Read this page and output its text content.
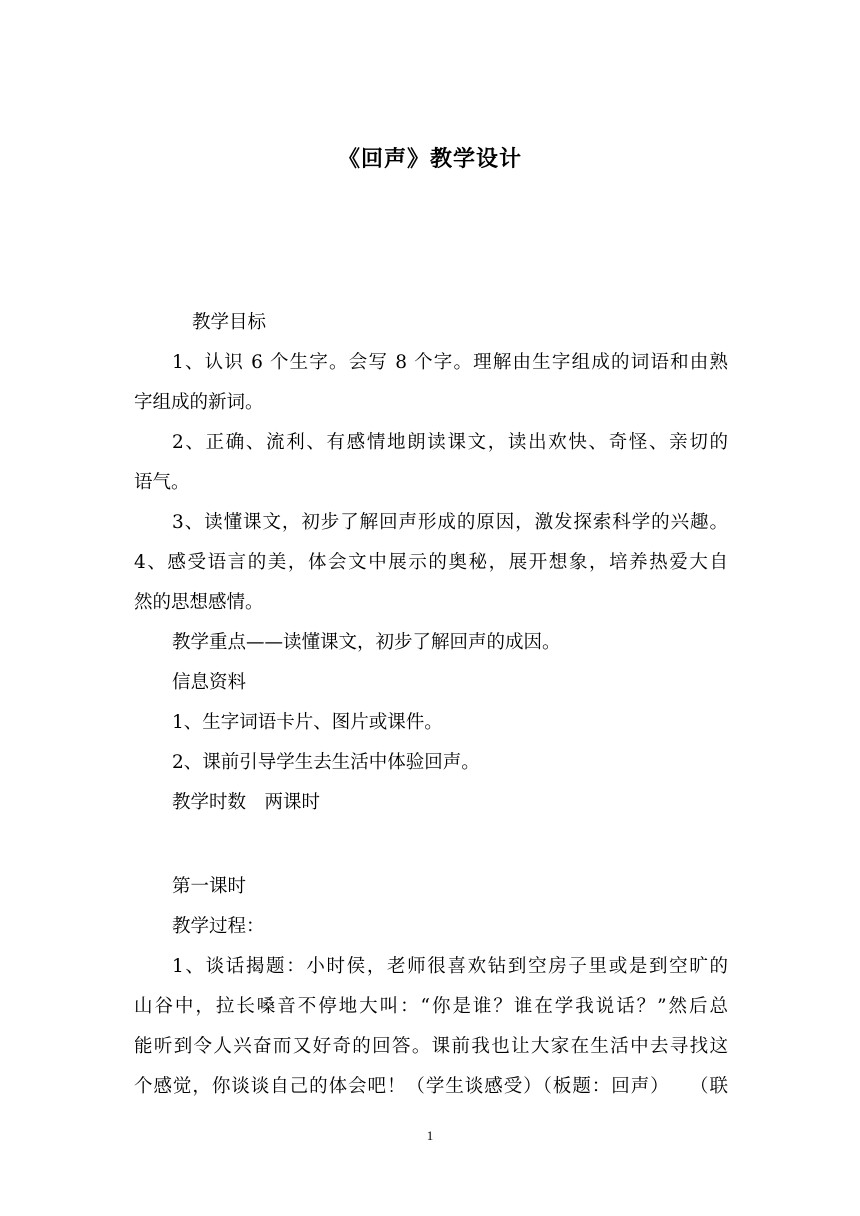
《回声》教学设计
教学目标
1、认识 6 个生字。会写 8 个字。理解由生字组成的词语和由熟
字组成的新词。
2、正确、流利、有感情地朗读课文，读出欢快、奇怪、亲切的
语气。
3、读懂课文，初步了解回声形成的原因，激发探索科学的兴趣。
4、感受语言的美，体会文中展示的奥秘，展开想象，培养热爱大自
然的思想感情。
教学重点——读懂课文，初步了解回声的成因。
信息资料
1、生字词语卡片、图片或课件。
2、课前引导学生去生活中体验回声。
教学时数　两课时
第一课时
教学过程：
1、谈话揭题：小时侯，老师很喜欢钻到空房子里或是到空旷的
山谷中，拉长嗓音不停地大叫：“你是谁？谁在学我说话？”然后总
能听到令人兴奋而又好奇的回答。课前我也让大家在生活中去寻找这
个感觉，你谈谈自己的体会吧！（学生谈感受）（板题：回声）　　（联
1
